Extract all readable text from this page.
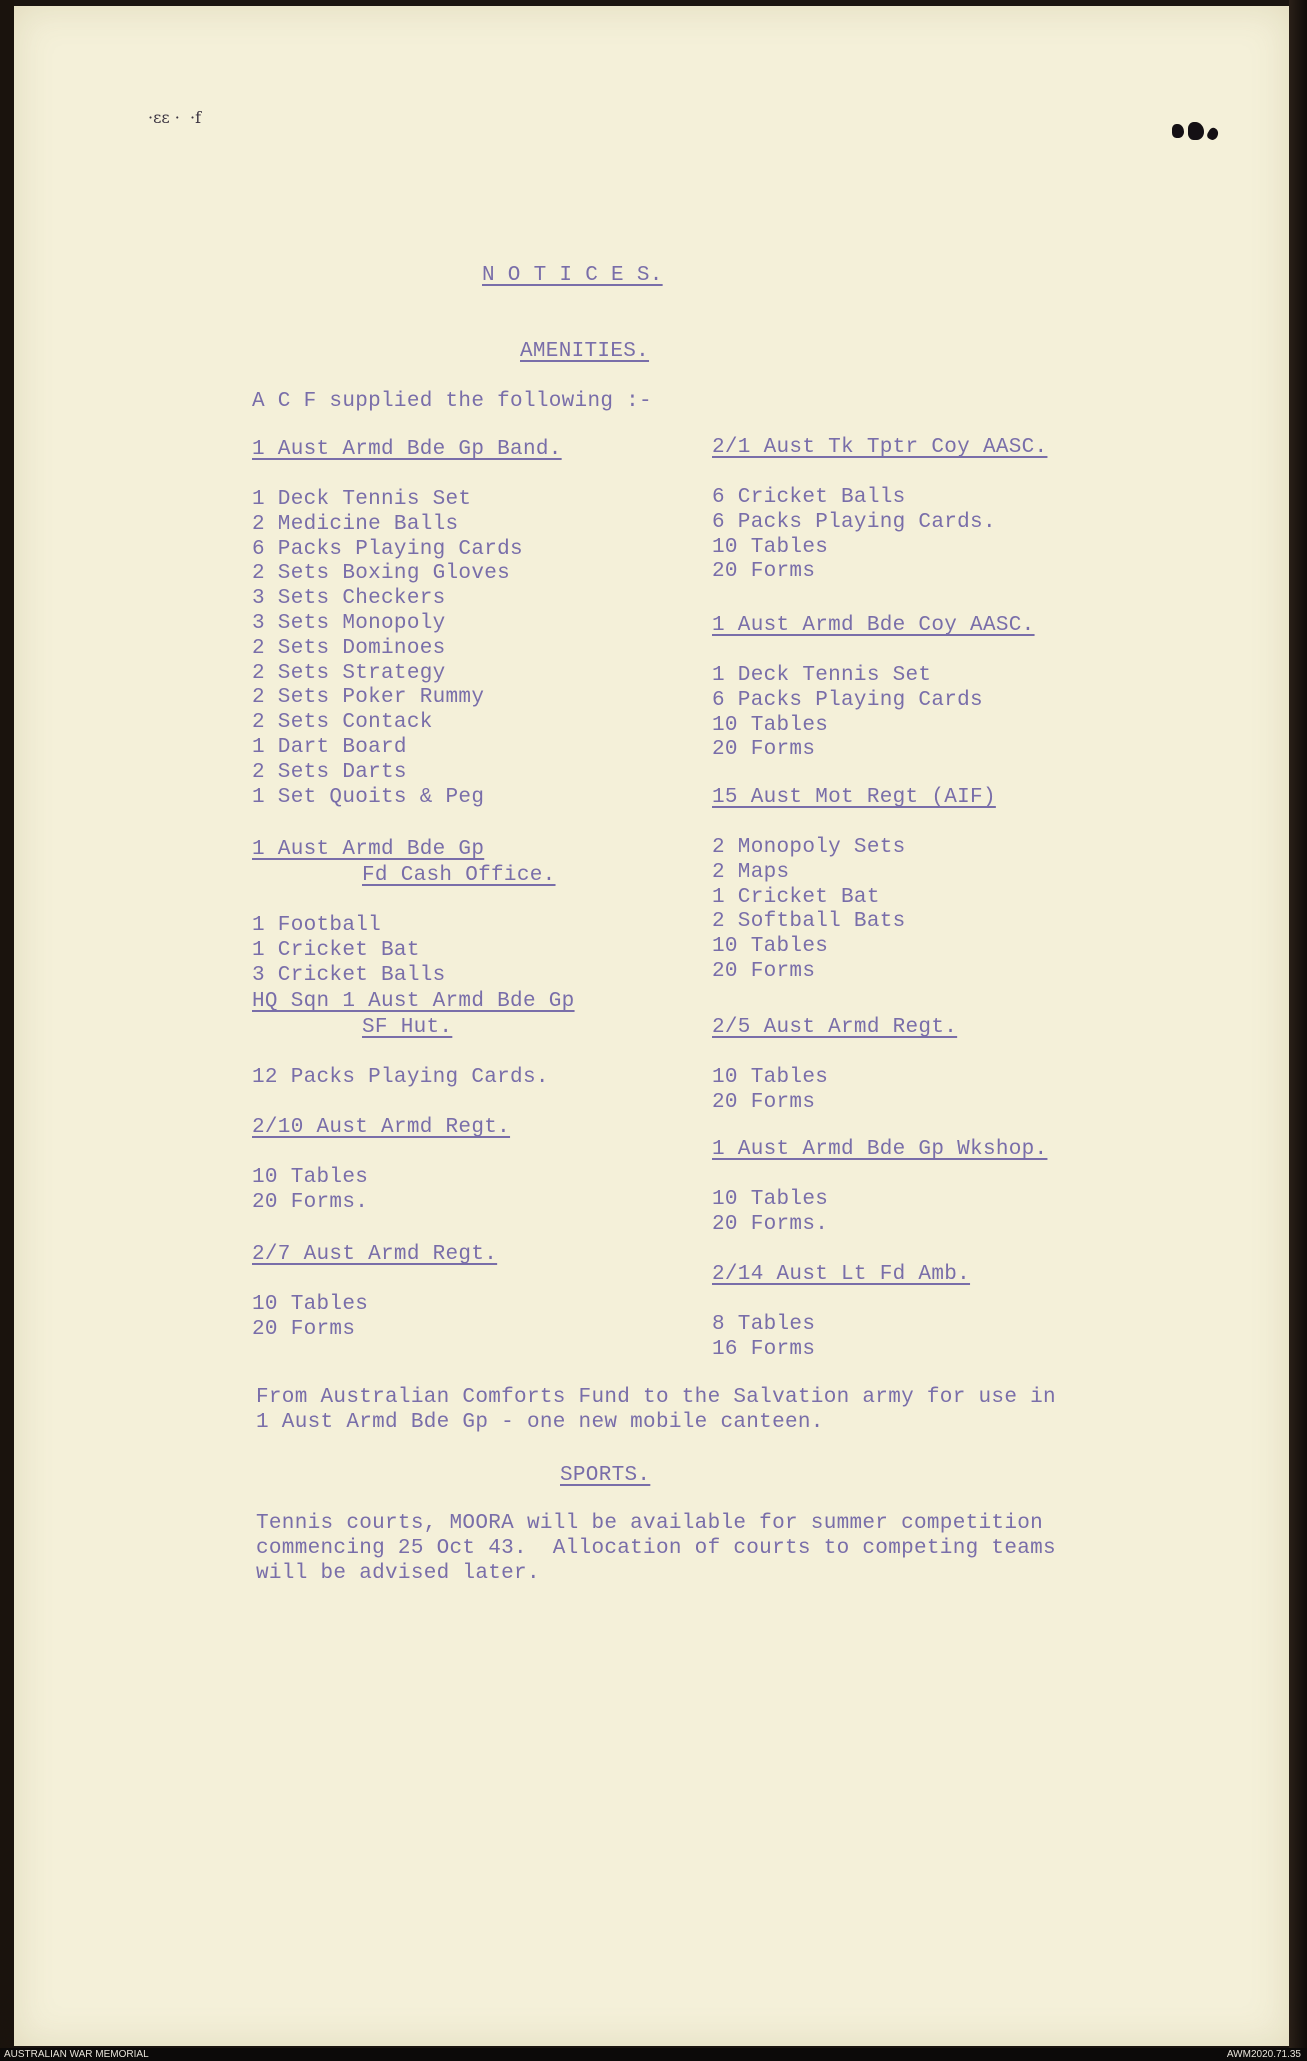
·ɛɛ ·  ·f
N O T I C E S.
AMENITIES.
A C F supplied the following :-
1 Aust Armd Bde Gp Band.
1 Deck Tennis Set
2 Medicine Balls
6 Packs Playing Cards
2 Sets Boxing Gloves
3 Sets Checkers
3 Sets Monopoly
2 Sets Dominoes
2 Sets Strategy
2 Sets Poker Rummy
2 Sets Contack
1 Dart Board
2 Sets Darts
1 Set Quoits & Peg
1 Aust Armd Bde Gp
Fd Cash Office.
1 Football
1 Cricket Bat
3 Cricket Balls
HQ Sqn 1 Aust Armd Bde Gp
SF Hut.
12 Packs Playing Cards.
2/10 Aust Armd Regt.
10 Tables
20 Forms.
2/7 Aust Armd Regt.
10 Tables
20 Forms
2/1 Aust Tk Tptr Coy AASC.
6 Cricket Balls
6 Packs Playing Cards.
10 Tables
20 Forms
1 Aust Armd Bde Coy AASC.
1 Deck Tennis Set
6 Packs Playing Cards
10 Tables
20 Forms
15 Aust Mot Regt (AIF)
2 Monopoly Sets
2 Maps
1 Cricket Bat
2 Softball Bats
10 Tables
20 Forms
2/5 Aust Armd Regt.
10 Tables
20 Forms
1 Aust Armd Bde Gp Wkshop.
10 Tables
20 Forms.
2/14 Aust Lt Fd Amb.
8 Tables
16 Forms
From Australian Comforts Fund to the Salvation army for use in
1 Aust Armd Bde Gp - one new mobile canteen.
SPORTS.
Tennis courts, MOORA will be available for summer competition
commencing 25 Oct 43.  Allocation of courts to competing teams
will be advised later.
AUSTRALIAN WAR MEMORIAL	AWM2020.71.35
